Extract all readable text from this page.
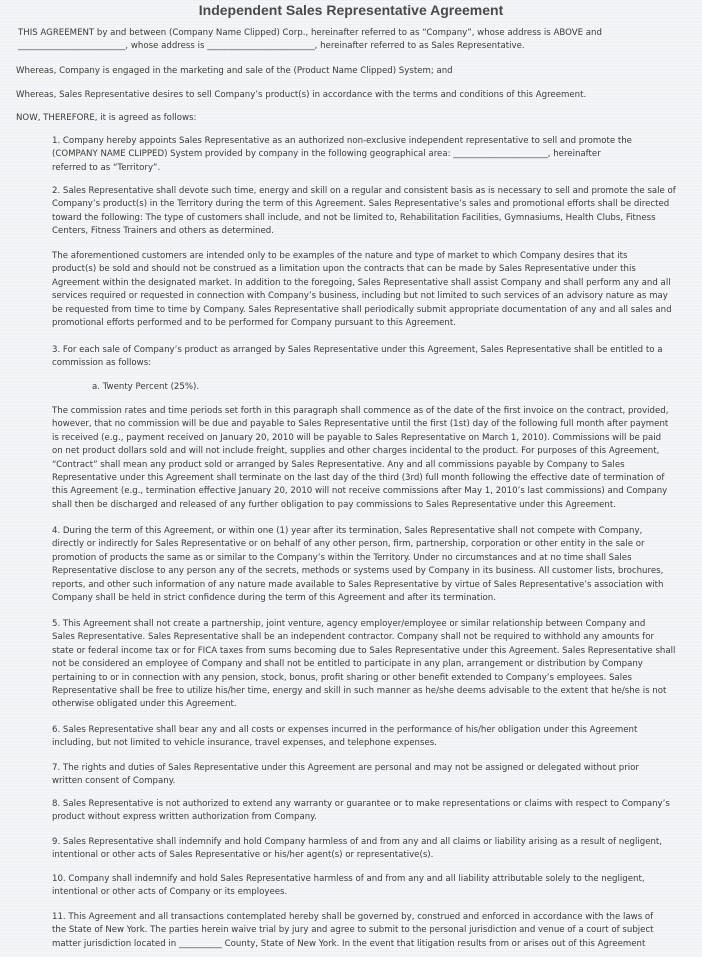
Independent Sales Representative Agreement

THIS AGREEMENT by and between (Company Name Clipped) Corp., hereinafter referred to as “Company”, whose address is ABOVE and
_________________________, whose address is _________________________, hereinafter referred to as Sales Representative.

Whereas, Company is engaged in the marketing and sale of the (Product Name Clipped) System; and

Whereas, Sales Representative desires to sell Company’s product(s) in accordance with the terms and conditions of this Agreement.

NOW, THEREFORE, it is agreed as follows:

1. Company hereby appoints Sales Representative as an authorized non-exclusive independent representative to sell and promote the
(COMPANY NAME CLIPPED) System provided by company in the following geographical area: ______________________, hereinafter
referred to as “Territory”.

2. Sales Representative shall devote such time, energy and skill on a regular and consistent basis as is necessary to sell and promote the sale of
Company’s product(s) in the Territory during the term of this Agreement. Sales Representative’s sales and promotional efforts shall be directed
toward the following: The type of customers shall include, and not be limited to, Rehabilitation Facilities, Gymnasiums, Health Clubs, Fitness
Centers, Fitness Trainers and others as determined.

The aforementioned customers are intended only to be examples of the nature and type of market to which Company desires that its
product(s) be sold and should not be construed as a limitation upon the contracts that can be made by Sales Representative under this
Agreement within the designated market. In addition to the foregoing, Sales Representative shall assist Company and shall perform any and all
services required or requested in connection with Company’s business, including but not limited to such services of an advisory nature as may
be requested from time to time by Company. Sales Representative shall periodically submit appropriate documentation of any and all sales and
promotional efforts performed and to be performed for Company pursuant to this Agreement.

3. For each sale of Company’s product as arranged by Sales Representative under this Agreement, Sales Representative shall be entitled to a
commission as follows:

a. Twenty Percent (25%).

The commission rates and time periods set forth in this paragraph shall commence as of the date of the first invoice on the contract, provided,
however, that no commission will be due and payable to Sales Representative until the first (1st) day of the following full month after payment
is received (e.g., payment received on January 20, 2010 will be payable to Sales Representative on March 1, 2010). Commissions will be paid
on net product dollars sold and will not include freight, supplies and other charges incidental to the product. For purposes of this Agreement,
“Contract” shall mean any product sold or arranged by Sales Representative. Any and all commissions payable by Company to Sales
Representative under this Agreement shall terminate on the last day of the third (3rd) full month following the effective date of termination of
this Agreement (e.g., termination effective January 20, 2010 will not receive commissions after May 1, 2010’s last commissions) and Company
shall then be discharged and released of any further obligation to pay commissions to Sales Representative under this Agreement.

4. During the term of this Agreement, or within one (1) year after its termination, Sales Representative shall not compete with Company,
directly or indirectly for Sales Representative or on behalf of any other person, firm, partnership, corporation or other entity in the sale or
promotion of products the same as or similar to the Company’s within the Territory. Under no circumstances and at no time shall Sales
Representative disclose to any person any of the secrets, methods or systems used by Company in its business. All customer lists, brochures,
reports, and other such information of any nature made available to Sales Representative by virtue of Sales Representative’s association with
Company shall be held in strict confidence during the term of this Agreement and after its termination.

5. This Agreement shall not create a partnership, joint venture, agency employer/employee or similar relationship between Company and
Sales Representative. Sales Representative shall be an independent contractor. Company shall not be required to withhold any amounts for
state or federal income tax or for FICA taxes from sums becoming due to Sales Representative under this Agreement. Sales Representative shall
not be considered an employee of Company and shall not be entitled to participate in any plan, arrangement or distribution by Company
pertaining to or in connection with any pension, stock, bonus, profit sharing or other benefit extended to Company’s employees. Sales
Representative shall be free to utilize his/her time, energy and skill in such manner as he/she deems advisable to the extent that he/she is not
otherwise obligated under this Agreement.

6. Sales Representative shall bear any and all costs or expenses incurred in the performance of his/her obligation under this Agreement
including, but not limited to vehicle insurance, travel expenses, and telephone expenses.

7. The rights and duties of Sales Representative under this Agreement are personal and may not be assigned or delegated without prior
written consent of Company.

8. Sales Representative is not authorized to extend any warranty or guarantee or to make representations or claims with respect to Company’s
product without express written authorization from Company.

9. Sales Representative shall indemnify and hold Company harmless of and from any and all claims or liability arising as a result of negligent,
intentional or other acts of Sales Representative or his/her agent(s) or representative(s).

10. Company shall indemnify and hold Sales Representative harmless of and from any and all liability attributable solely to the negligent,
intentional or other acts of Company or its employees.

11. This Agreement and all transactions contemplated hereby shall be governed by, construed and enforced in accordance with the laws of
the State of New York. The parties herein waive trial by jury and agree to submit to the personal jurisdiction and venue of a court of subject
matter jurisdiction located in __________ County, State of New York. In the event that litigation results from or arises out of this Agreement
